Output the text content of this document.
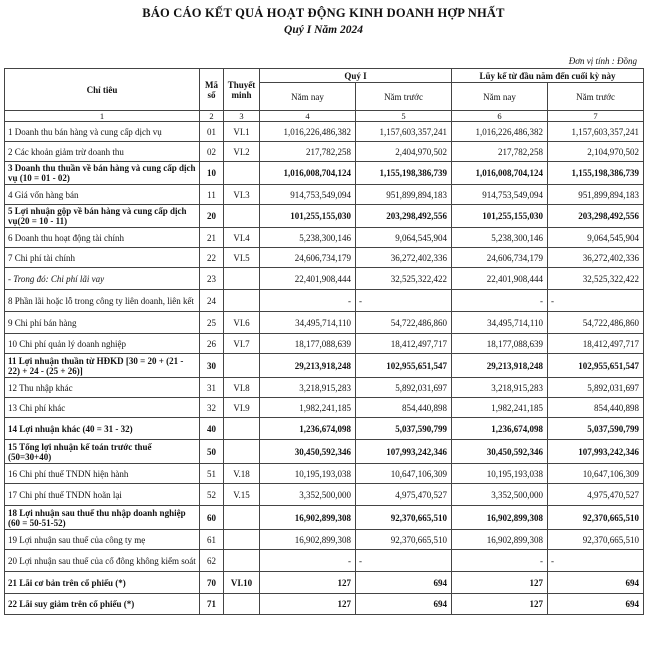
BÁO CÁO KẾT QUẢ HOẠT ĐỘNG KINH DOANH HỢP NHẤT
Quý I Năm 2024
Đơn vị tính : Đồng
Chỉ tiêu	Mã số	Thuyết minh	Quý I		Lũy kế từ đầu năm đến cuối kỳ này	
			Năm nay	Năm trước	Năm nay	Năm trước
1	2	3	4	5	6	7
1 Doanh thu bán hàng và cung cấp dịch vụ	01	VI.1	1,016,226,486,382	1,157,603,357,241	1,016,226,486,382	1,157,603,357,241
2 Các khoản giảm trừ doanh thu	02	VI.2	217,782,258	2,404,970,502	217,782,258	2,104,970,502
3 Doanh thu thuần về bán hàng và cung cấp dịch vụ (10 = 01 - 02)	10		1,016,008,704,124	1,155,198,386,739	1,016,008,704,124	1,155,198,386,739
4 Giá vốn hàng bán	11	VI.3	914,753,549,094	951,899,894,183	914,753,549,094	951,899,894,183
5 Lợi nhuận gộp về bán hàng và cung cấp dịch vụ(20 = 10 - 11)	20		101,255,155,030	203,298,492,556	101,255,155,030	203,298,492,556
6 Doanh thu hoạt động tài chính	21	VI.4	5,238,300,146	9,064,545,904	5,238,300,146	9,064,545,904
7 Chi phí tài chính	22	VI.5	24,606,734,179	36,272,402,336	24,606,734,179	36,272,402,336
- Trong đó: Chi phí lãi vay	23		22,401,908,444	32,525,322,422	22,401,908,444	32,525,322,422
8 Phần lãi hoặc lỗ trong công ty liên doanh, liên kết	24		-	-	-	-
9 Chi phí bán hàng	25	VI.6	34,495,714,110	54,722,486,860	34,495,714,110	54,722,486,860
10 Chi phí quản lý doanh nghiệp	26	VI.7	18,177,088,639	18,412,497,717	18,177,088,639	18,412,497,717
11 Lợi nhuận thuần từ HĐKD [30 = 20 + (21 - 22) + 24 - (25 + 26)]	30		29,213,918,248	102,955,651,547	29,213,918,248	102,955,651,547
12 Thu nhập khác	31	VI.8	3,218,915,283	5,892,031,697	3,218,915,283	5,892,031,697
13 Chi phí khác	32	VI.9	1,982,241,185	854,440,898	1,982,241,185	854,440,898
14 Lợi nhuận khác (40 = 31 - 32)	40		1,236,674,098	5,037,590,799	1,236,674,098	5,037,590,799
15 Tổng lợi nhuận kế toán trước thuế (50=30+40)	50		30,450,592,346	107,993,242,346	30,450,592,346	107,993,242,346
16 Chi phí thuế TNDN hiện hành	51	V.18	10,195,193,038	10,647,106,309	10,195,193,038	10,647,106,309
17 Chi phí thuế TNDN hoãn lại	52	V.15	3,352,500,000	4,975,470,527	3,352,500,000	4,975,470,527
18 Lợi nhuận sau thuế thu nhập doanh nghiệp (60 = 50-51-52)	60		16,902,899,308	92,370,665,510	16,902,899,308	92,370,665,510
19 Lợi nhuận sau thuế của công ty mẹ	61		16,902,899,308	92,370,665,510	16,902,899,308	92,370,665,510
20 Lợi nhuận sau thuế của cổ đông không kiểm soát	62		-	-	-	-
21 Lãi cơ bản trên cổ phiếu (*)	70	VI.10	127	694	127	694
22 Lãi suy giảm trên cổ phiếu (*)	71		127	694	127	694
